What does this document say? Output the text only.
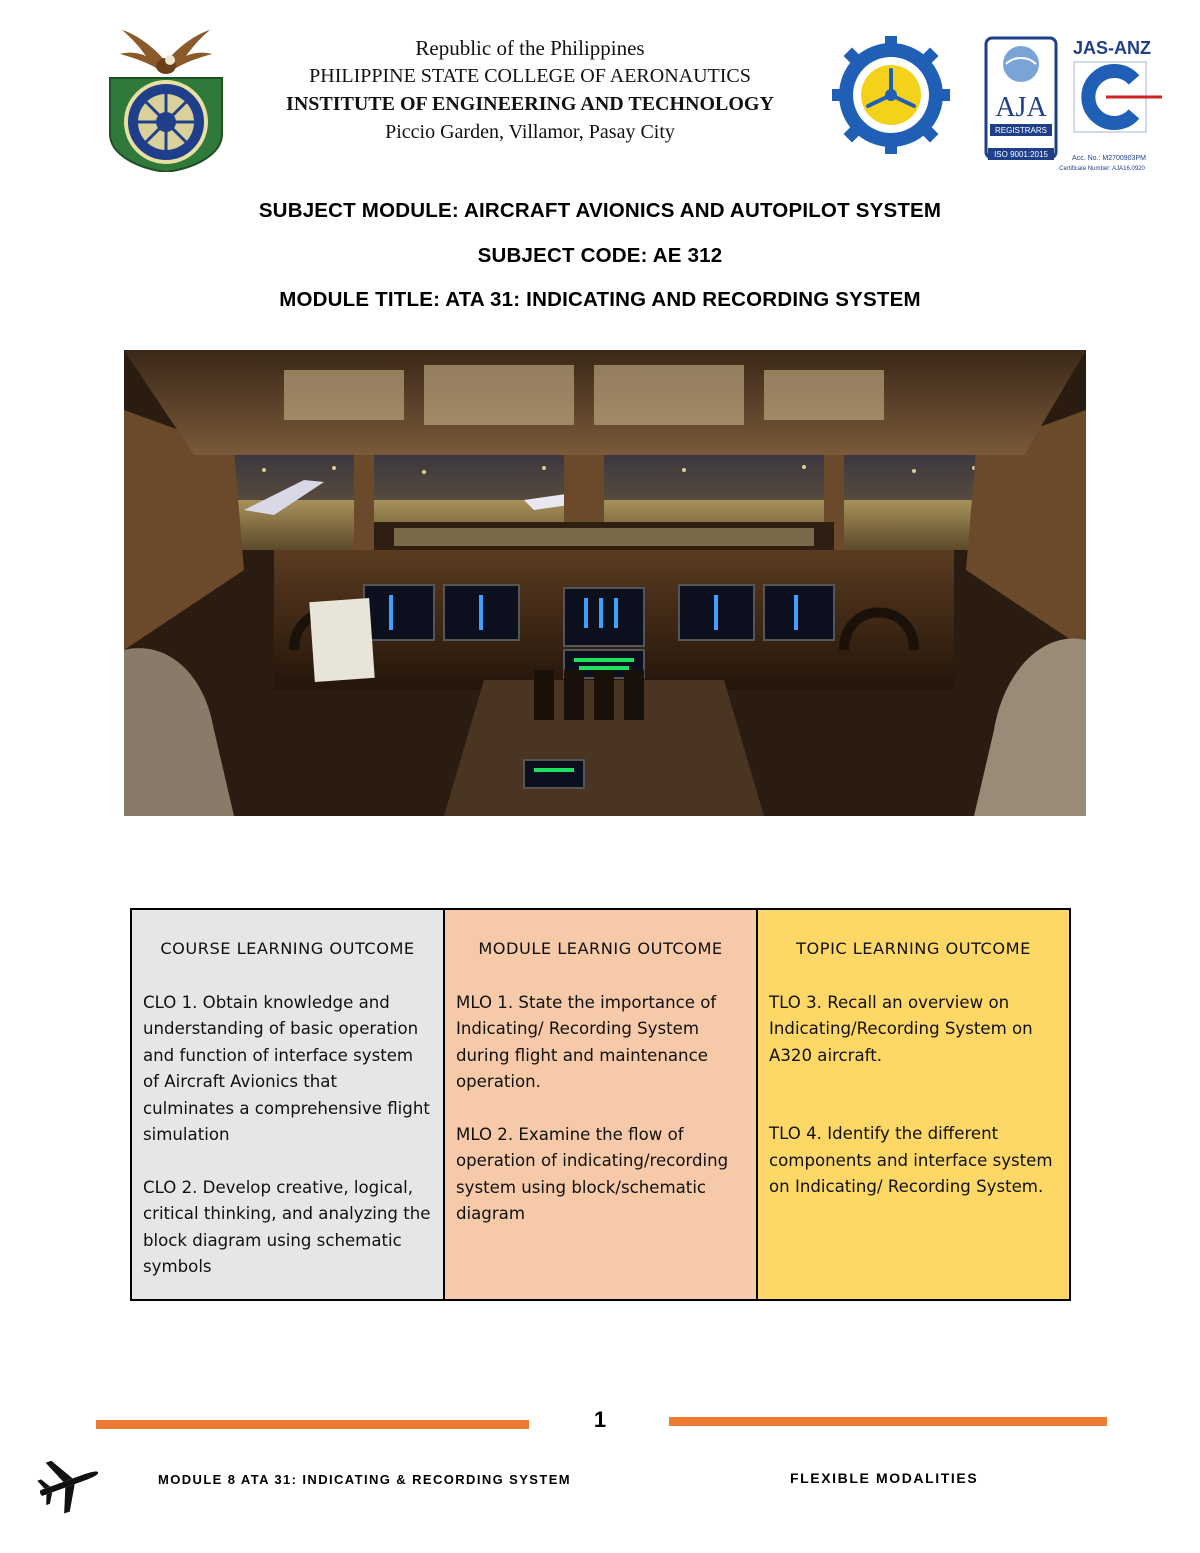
Republic of the Philippines
PHILIPPINE STATE COLLEGE OF AERONAUTICS
INSTITUTE OF ENGINEERING AND TECHNOLOGY
Piccio Garden, Villamor, Pasay City
AJA
REGISTRARS
ISO 9001:2015
JAS-ANZ
Acc. No.: M2700903PM
Certificate Number: AJA16.0920
SUBJECT MODULE: AIRCRAFT AVIONICS AND AUTOPILOT SYSTEM
SUBJECT CODE: AE 312
MODULE TITLE: ATA 31: INDICATING AND RECORDING SYSTEM
COURSE LEARNING OUTCOME

CLO 1. Obtain knowledge and understanding of basic operation and function of interface system of Aircraft Avionics that culminates a comprehensive flight simulation

CLO 2. Develop creative, logical, critical thinking, and analyzing the block diagram using schematic symbols

MODULE LEARNIG OUTCOME

MLO 1. State the importance of Indicating/ Recording System during flight and maintenance operation.

MLO 2. Examine the flow of operation of indicating/recording system using block/schematic diagram

TOPIC LEARNING OUTCOME

TLO 3. Recall an overview on Indicating/Recording System on A320 aircraft.

TLO 4. Identify the different components and interface system on Indicating/ Recording System.

1
MODULE 8 ATA 31: INDICATING & RECORDING SYSTEM	FLEXIBLE MODALITIES
